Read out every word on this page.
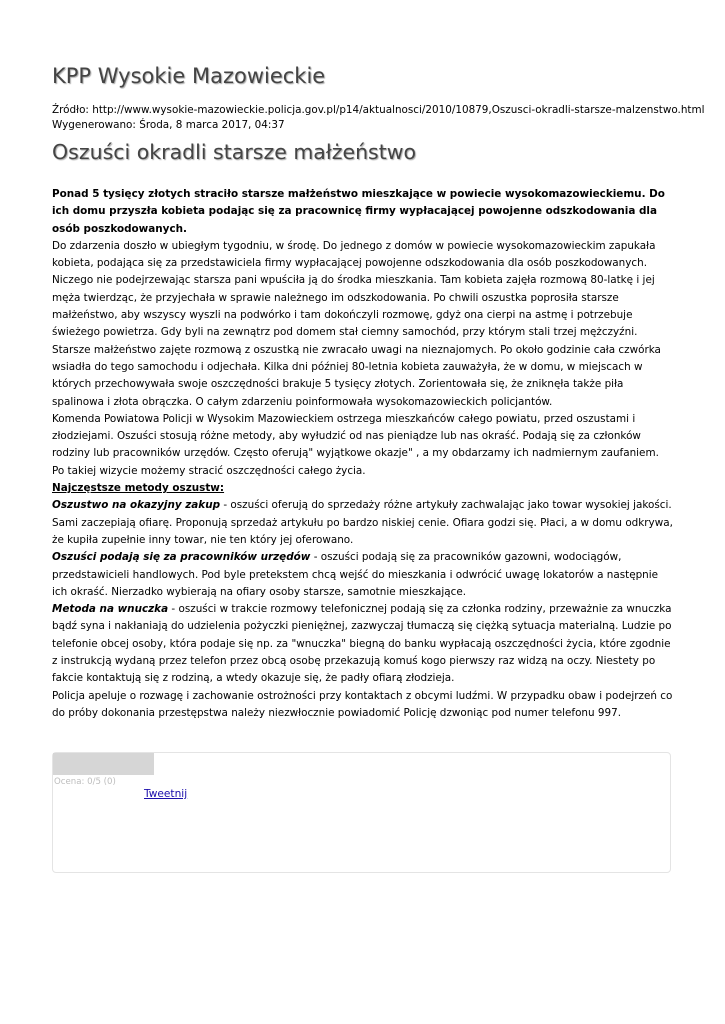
KPP Wysokie Mazowieckie
Źródło: http://www.wysokie-mazowieckie.policja.gov.pl/p14/aktualnosci/2010/10879,Oszusci-okradli-starsze-malzenstwo.html
Wygenerowano: Środa, 8 marca 2017, 04:37
Oszuści okradli starsze małżeństwo

Ponad 5 tysięcy złotych straciło starsze małżeństwo mieszkające w powiecie wysokomazowieckiemu. Do ich domu przyszła kobieta podając się za pracownicę firmy wypłacającej powojenne odszkodowania dla osób poszkodowanych.

Do zdarzenia doszło w ubiegłym tygodniu, w środę. Do jednego z domów w powiecie wysokomazowieckim zapukała kobieta, podająca się za przedstawiciela firmy wypłacającej powojenne odszkodowania dla osób poszkodowanych. Niczego nie podejrzewając starsza pani wpuściła ją do środka mieszkania. Tam kobieta zajęła rozmową 80-latkę i jej męża twierdząc, że przyjechała w sprawie należnego im odszkodowania. Po chwili oszustka poprosiła starsze małżeństwo, aby wszyscy wyszli na podwórko i tam dokończyli rozmowę, gdyż ona cierpi na astmę i potrzebuje świeżego powietrza. Gdy byli na zewnątrz pod domem stał ciemny samochód, przy którym stali trzej mężczyźni. Starsze małżeństwo zajęte rozmową z oszustką nie zwracało uwagi na nieznajomych. Po około godzinie cała czwórka wsiadła do tego samochodu i odjechała. Kilka dni później 80-letnia kobieta zauważyła, że w domu, w miejscach w których przechowywała swoje oszczędności brakuje 5 tysięcy złotych. Zorientowała się, że zniknęła także piła spalinowa i złota obrączka. O całym zdarzeniu poinformowała wysokomazowieckich policjantów.

Komenda Powiatowa Policji w Wysokim Mazowieckiem ostrzega mieszkańców całego powiatu, przed oszustami i złodziejami. Oszuści stosują różne metody, aby wyłudzić od nas pieniądze lub nas okraść. Podają się za członków rodziny lub pracowników urzędów. Często oferują" wyjątkowe okazje" , a my obdarzamy ich nadmiernym zaufaniem. Po takiej wizycie możemy stracić oszczędności całego życia.

Najczęstsze metody oszustw:

Oszustwo na okazyjny zakup - oszuści oferują do sprzedaży różne artykuły zachwalając jako towar wysokiej jakości. Sami zaczepiają ofiarę. Proponują sprzedaż artykułu po bardzo niskiej cenie. Ofiara godzi się. Płaci, a w domu odkrywa, że kupiła zupełnie inny towar, nie ten który jej oferowano.

Oszuści podają się za pracowników urzędów - oszuści podają się za pracowników gazowni, wodociągów, przedstawicieli handlowych. Pod byle pretekstem chcą wejść do mieszkania i odwrócić uwagę lokatorów a następnie ich okraść. Nierzadko wybierają na ofiary osoby starsze, samotnie mieszkające.

Metoda na wnuczka - oszuści w trakcie rozmowy telefonicznej podają się za członka rodziny, przeważnie za wnuczka bądź syna i nakłaniają do udzielenia pożyczki pieniężnej, zazwyczaj tłumaczą się ciężką sytuacja materialną. Ludzie po telefonie obcej osoby, która podaje się np. za "wnuczka" biegną do banku wypłacają oszczędności życia, które zgodnie z instrukcją wydaną przez telefon przez obcą osobę przekazują komuś kogo pierwszy raz widzą na oczy. Niestety po fakcie kontaktują się z rodziną, a wtedy okazuje się, że padły ofiarą złodzieja.

Policja apeluje o rozwagę i zachowanie ostrożności przy kontaktach z obcymi ludźmi. W przypadku obaw i podejrzeń co do próby dokonania przestępstwa należy niezwłocznie powiadomić Policję dzwoniąc pod numer telefonu 997.

Ocena: 0/5 (0)
Tweetnij
